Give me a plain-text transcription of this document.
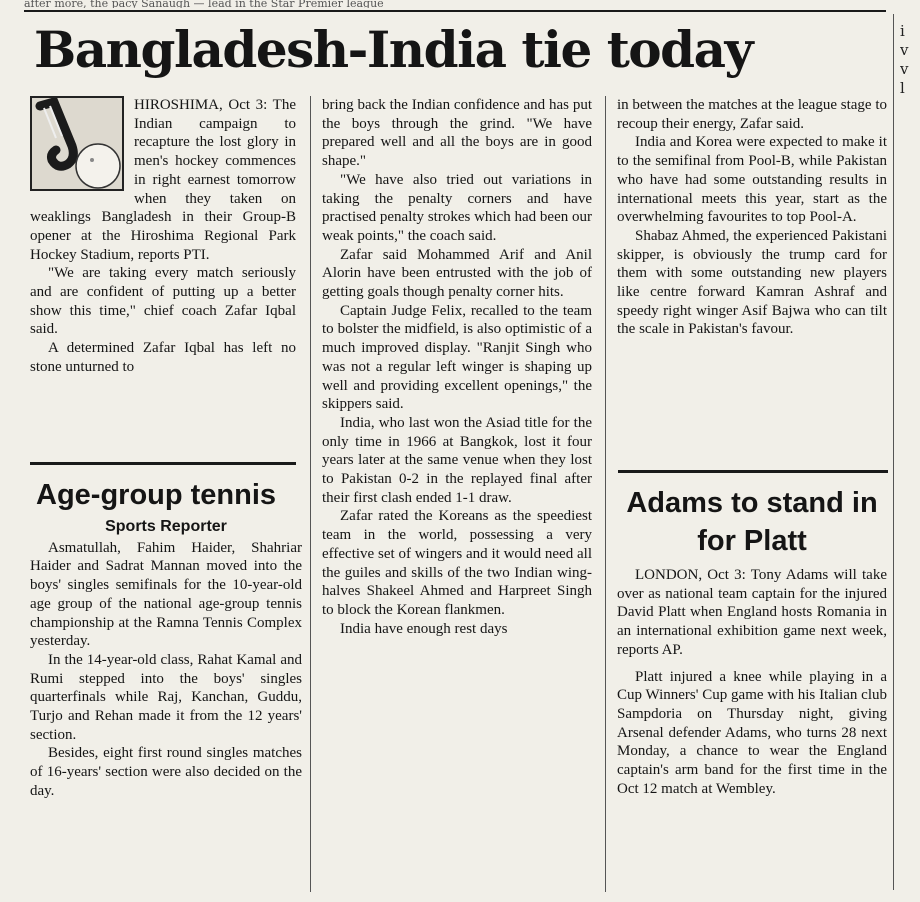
after more, the pacy Sanaugh — lead in the Star Premier league
Bangladesh-India tie today

HIROSHIMA, Oct 3: The Indian campaign to recapture the lost glory in men's hockey commences in right earnest tomorrow when they taken on weaklings Bangladesh in their Group-B opener at the Hiroshima Regional Park Hockey Stadium, reports PTI.

"We are taking every match seriously and are confident of putting up a better show this time," chief coach Zafar Iqbal said.

A determined Zafar Iqbal has left no stone unturned to

Age-group tennis
Sports Reporter

Asmatullah, Fahim Haider, Shahriar Haider and Sadrat Mannan moved into the boys' singles semifinals for the 10-year-old age group of the national age-group tennis championship at the Ramna Tennis Complex yesterday.

In the 14-year-old class, Rahat Kamal and Rumi stepped into the boys' singles quarterfinals while Raj, Kanchan, Guddu, Turjo and Rehan made it from the 12 years' section.

Besides, eight first round singles matches of 16-years' section were also decided on the day.

bring back the Indian confidence and has put the boys through the grind. "We have prepared well and all the boys are in good shape."

"We have also tried out variations in taking the penalty corners and have practised penalty strokes which had been our weak points," the coach said.

Zafar said Mohammed Arif and Anil Alorin have been entrusted with the job of getting goals though penalty corner hits.

Captain Judge Felix, recalled to the team to bolster the midfield, is also optimistic of a much improved display. "Ranjit Singh who was not a regular left winger is shaping up well and providing excellent openings," the skippers said.

India, who last won the Asiad title for the only time in 1966 at Bangkok, lost it four years later at the same venue when they lost to Pakistan 0-2 in the replayed final after their first clash ended 1-1 draw.

Zafar rated the Koreans as the speediest team in the world, possessing a very effective set of wingers and it would need all the guiles and skills of the two Indian wing-halves Shakeel Ahmed and Harpreet Singh to block the Korean flankmen.

India have enough rest days

in between the matches at the league stage to recoup their energy, Zafar said.

India and Korea were expected to make it to the semifinal from Pool-B, while Pakistan who have had some outstanding results in international meets this year, start as the overwhelming favourites to top Pool-A.

Shabaz Ahmed, the experienced Pakistani skipper, is obviously the trump card for them with some outstanding new players like centre forward Kamran Ashraf and speedy right winger Asif Bajwa who can tilt the scale in Pakistan's favour.

Adams to stand in for Platt

LONDON, Oct 3: Tony Adams will take over as national team captain for the injured David Platt when England hosts Romania in an international exhibition game next week, reports AP.

Platt injured a knee while playing in a Cup Winners' Cup game with his Italian club Sampdoria on Thursday night, giving Arsenal defender Adams, who turns 28 next Monday, a chance to wear the England captain's arm band for the first time in the Oct 12 match at Wembley.

i
v
v
l
